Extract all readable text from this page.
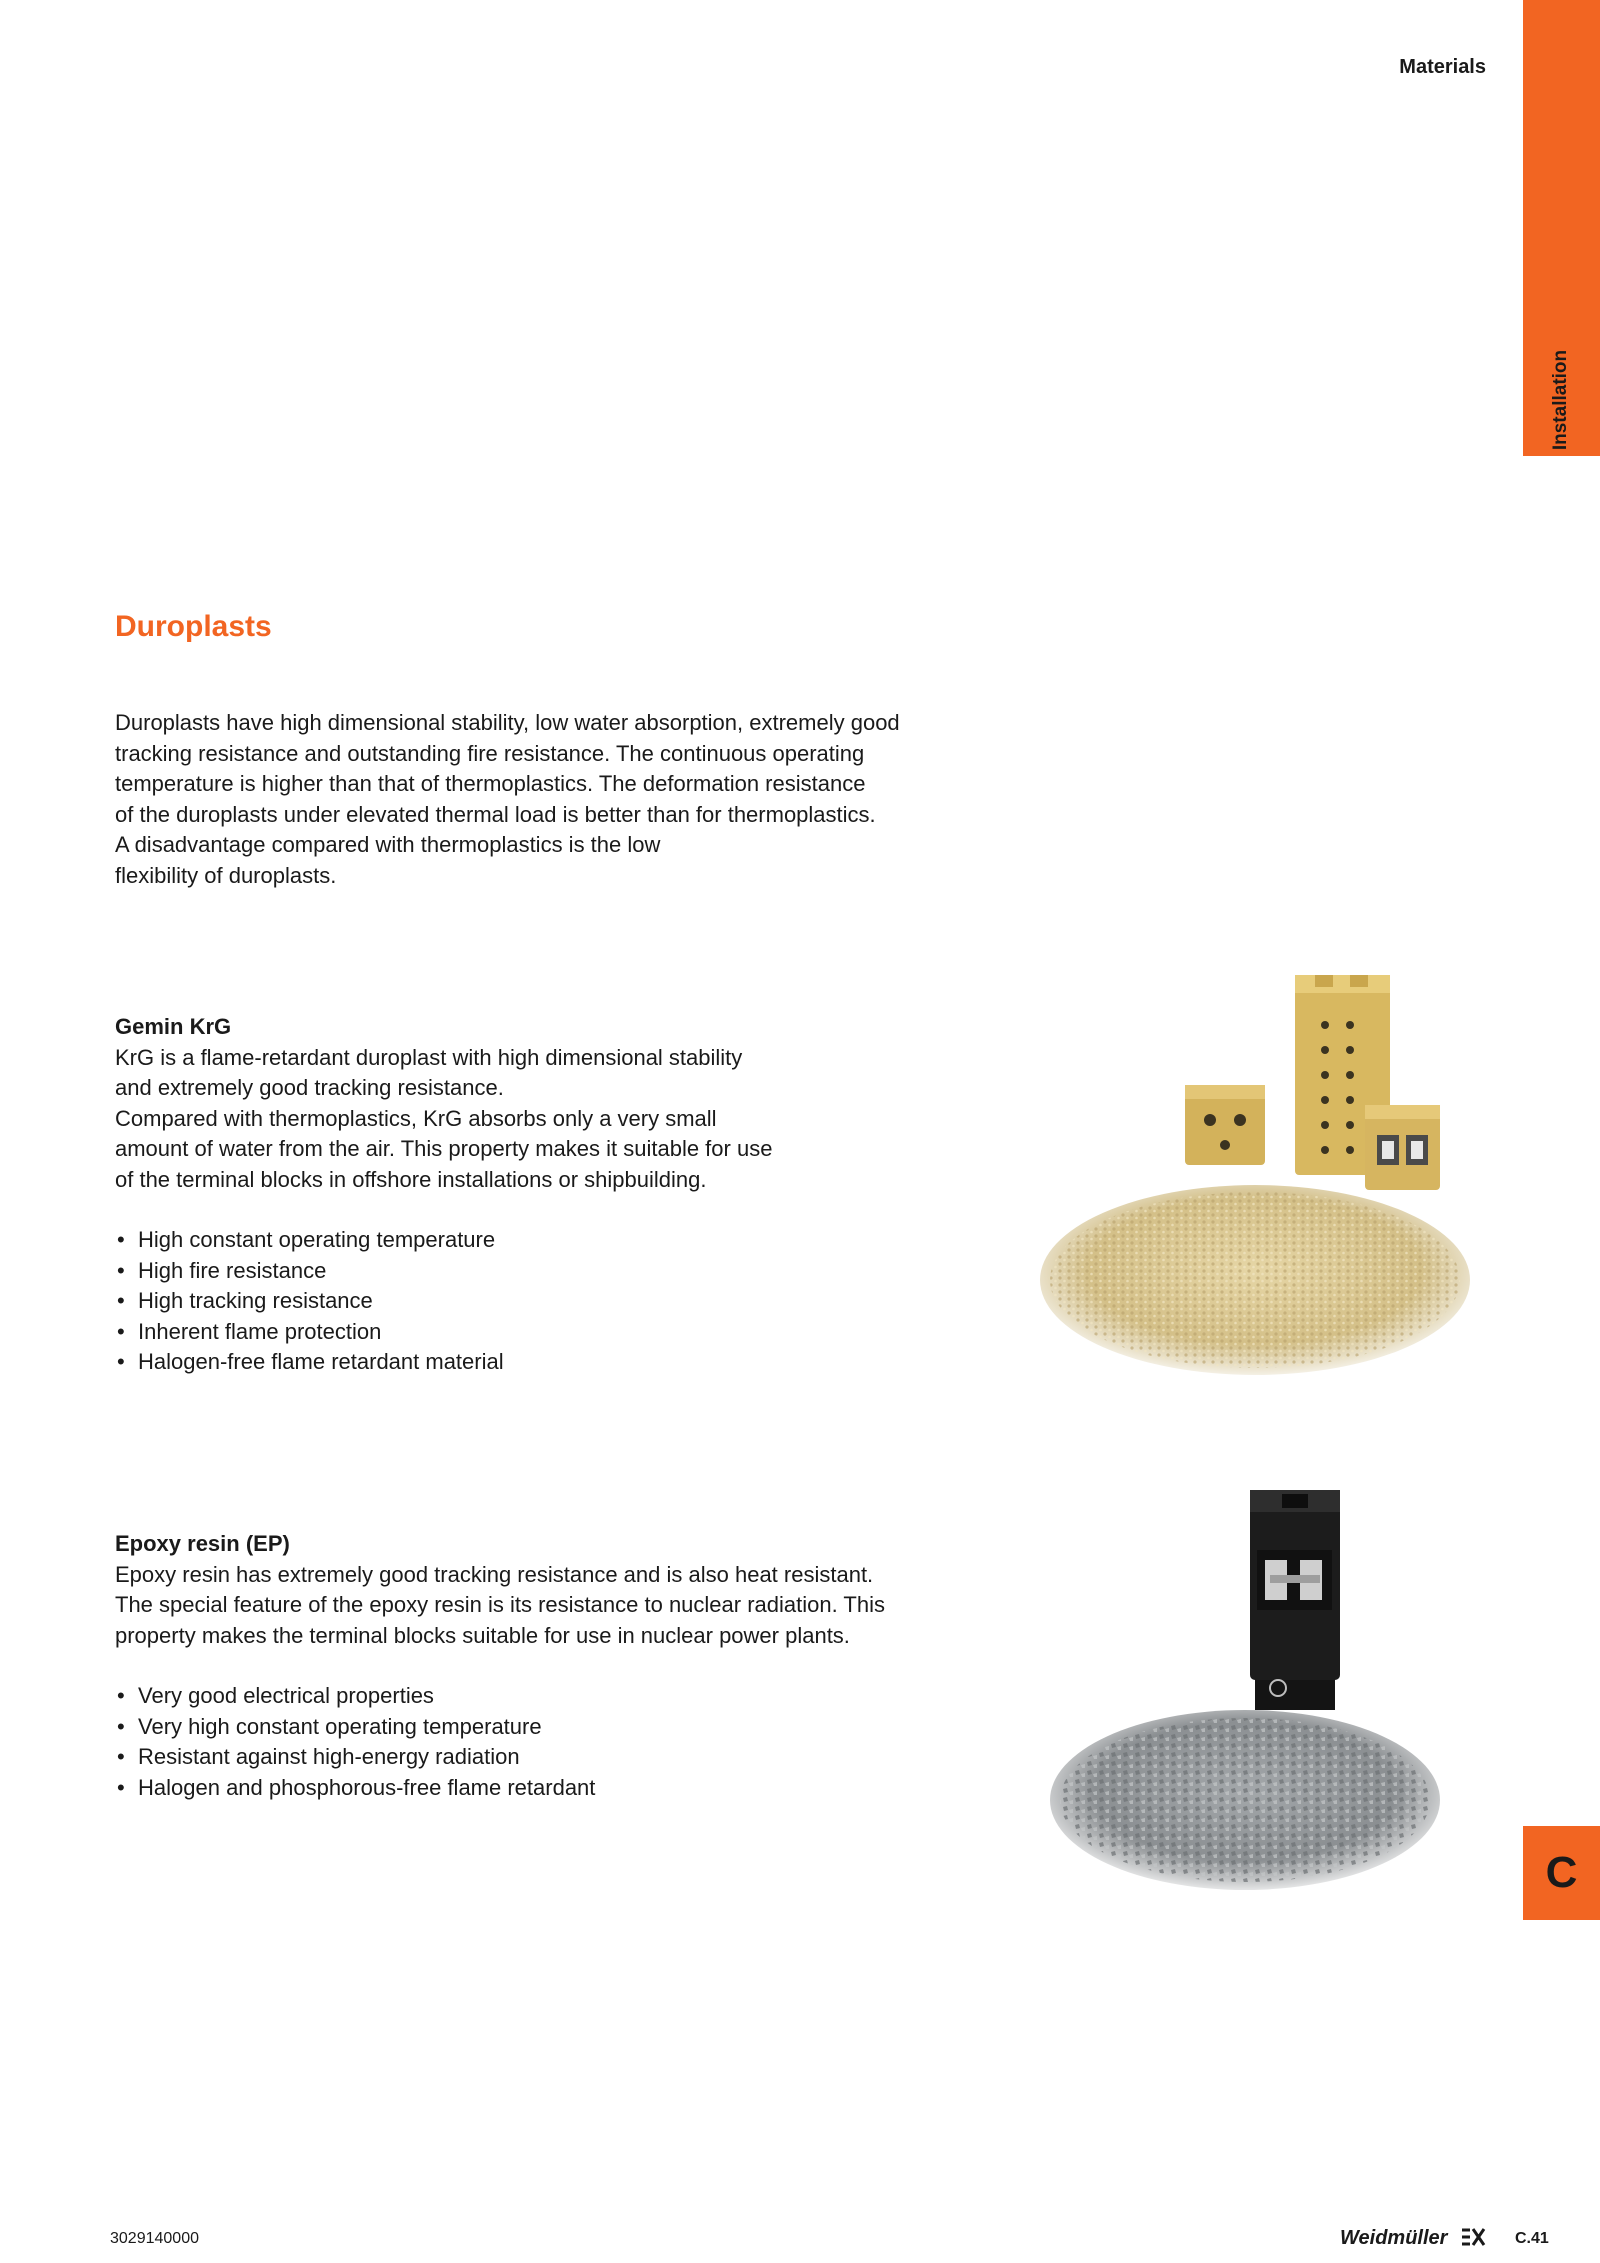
Installation
Materials
C
Duroplasts

Duroplasts have high dimensional stability, low water absorption, extremely good
tracking resistance and outstanding fire resistance. The continuous operating
temperature is higher than that of thermoplastics. The deformation resistance
of the duroplasts under elevated thermal load is better than for thermoplastics.
A disadvantage compared with thermoplastics is the low
flexibility of duroplasts.

Gemin KrG

KrG is a flame-retardant duroplast with high dimensional stability
and extremely good tracking resistance.
Compared with thermoplastics, KrG absorbs only a very small
amount of water from the air. This property makes it suitable for use
of the terminal blocks in offshore installations or shipbuilding.

• High constant operating temperature
• High fire resistance
• High tracking resistance
• Inherent flame protection
• Halogen-free flame retardant material
Epoxy resin (EP)

Epoxy resin has extremely good tracking resistance and is also heat resistant.
The special feature of the epoxy resin is its resistance to nuclear radiation. This
property makes the terminal blocks suitable for use in nuclear power plants.

• Very good electrical properties
• Very high constant operating temperature
• Resistant against high-energy radiation
• Halogen and phosphorous-free flame retardant
3029140000	Weidmüller	C.41
